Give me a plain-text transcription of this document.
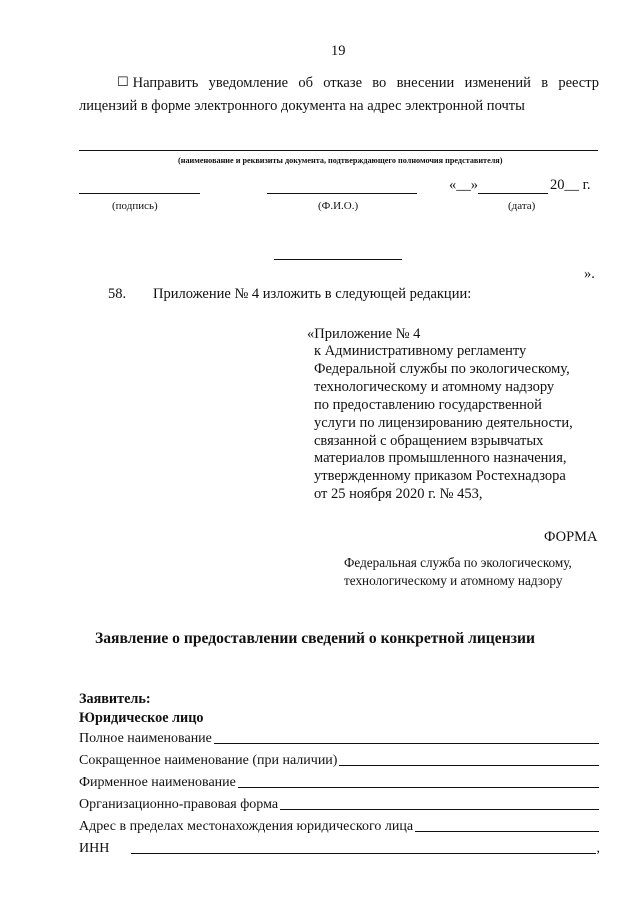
19
☐ Направить уведомление об отказе во внесении изменений в реестр
лицензий в форме электронного документа на адрес электронной почты
(наименование и реквизиты документа, подтверждающего полномочия представителя)
«__»	20__ г.
(подпись)	(Ф.И.О.)	(дата)
».
58. Приложение № 4 изложить в следующей редакции:
«Приложение № 4
к Административному регламенту
Федеральной службы по экологическому,
технологическому и атомному надзору
по предоставлению государственной
услуги по лицензированию деятельности,
связанной с обращением взрывчатых
материалов промышленного назначения,
утвержденному приказом Ростехнадзора
от 25 ноября 2020 г. № 453,
ФОРМА
Федеральная служба по экологическому,
технологическому и атомному надзору
Заявление о предоставлении сведений о конкретной лицензии
Заявитель:
Юридическое лицо
Полное наименование
Сокращенное наименование (при наличии)
Фирменное наименование
Организационно-правовая форма
Адрес в пределах местонахождения юридического лица
ИНН	,
